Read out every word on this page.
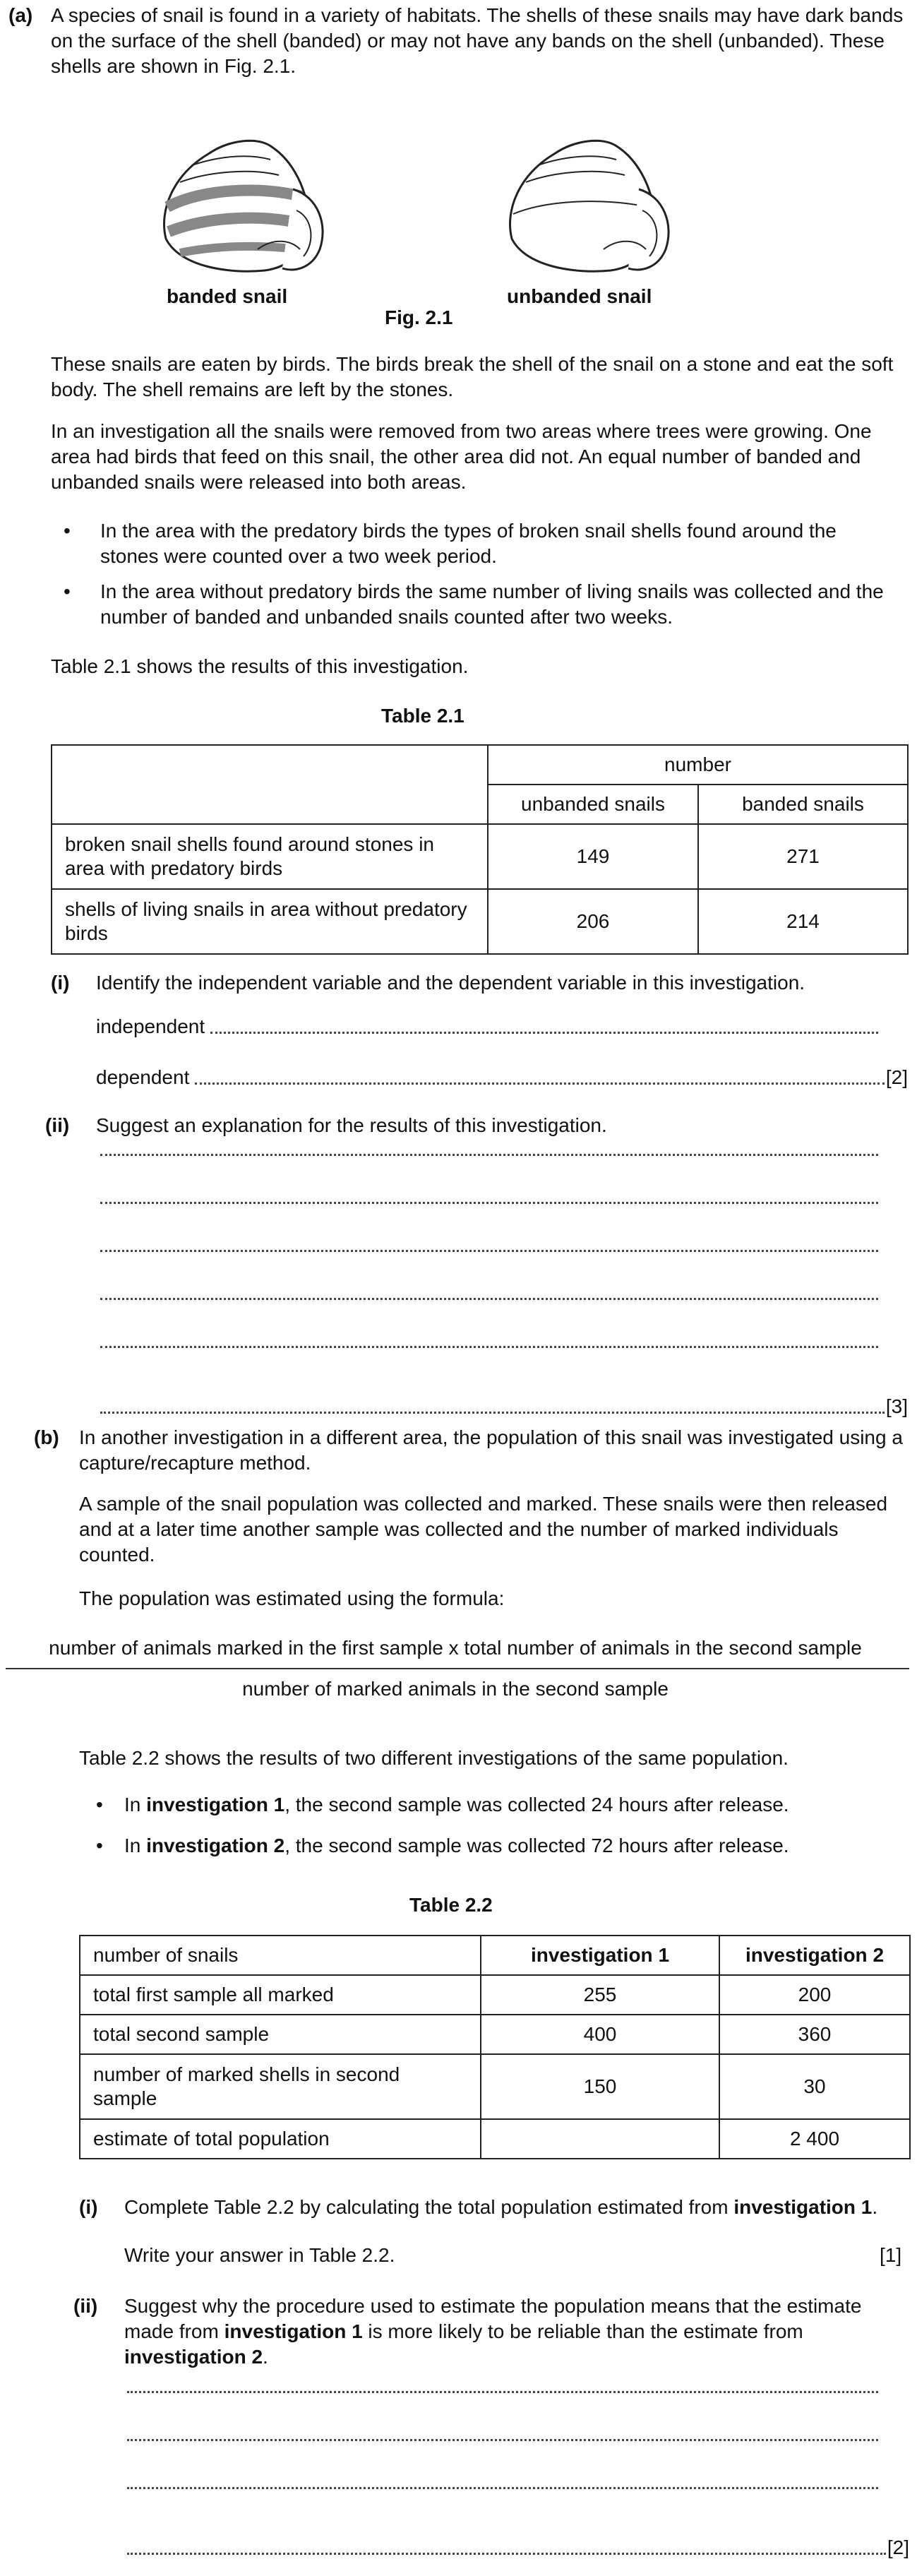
(a) A species of snail is found in a variety of habitats. The shells of these snails may have dark bands on the surface of the shell (banded) or may not have any bands on the shell (unbanded). These shells are shown in Fig. 2.1.
banded snail	unbanded snail
Fig. 2.1
These snails are eaten by birds. The birds break the shell of the snail on a stone and eat the soft body. The shell remains are left by the stones.
In an investigation all the snails were removed from two areas where trees were growing. One area had birds that feed on this snail, the other area did not. An equal number of banded and unbanded snails were released into both areas.
• In the area with the predatory birds the types of broken snail shells found around the stones were counted over a two week period.
• In the area without predatory birds the same number of living snails was collected and the number of banded and unbanded snails counted after two weeks.
Table 2.1 shows the results of this investigation.
Table 2.1
	number	
	unbanded snails	banded snails
broken snail shells found around stones in area with predatory birds	149	271
shells of living snails in area without predatory birds	206	214
(i) Identify the independent variable and the dependent variable in this investigation.
independent
dependent	[2]
(ii) Suggest an explanation for the results of this investigation.
[3]
(b) In another investigation in a different area, the population of this snail was investigated using a capture/recapture method.
A sample of the snail population was collected and marked. These snails were then released and at a later time another sample was collected and the number of marked individuals counted.
The population was estimated using the formula:
number of animals marked in the first sample x total number of animals in the second sample
number of marked animals in the second sample
Table 2.2 shows the results of two different investigations of the same population.
• In investigation 1, the second sample was collected 24 hours after release.
• In investigation 2, the second sample was collected 72 hours after release.
Table 2.2
number of snails	investigation 1	investigation 2
total first sample all marked	255	200
total second sample	400	360
number of marked shells in second sample	150	30
estimate of total population		2 400
(i) Complete Table 2.2 by calculating the total population estimated from investigation 1.
Write your answer in Table 2.2.	[1]
(ii) Suggest why the procedure used to estimate the population means that the estimate made from investigation 1 is more likely to be reliable than the estimate from investigation 2.
[2]
